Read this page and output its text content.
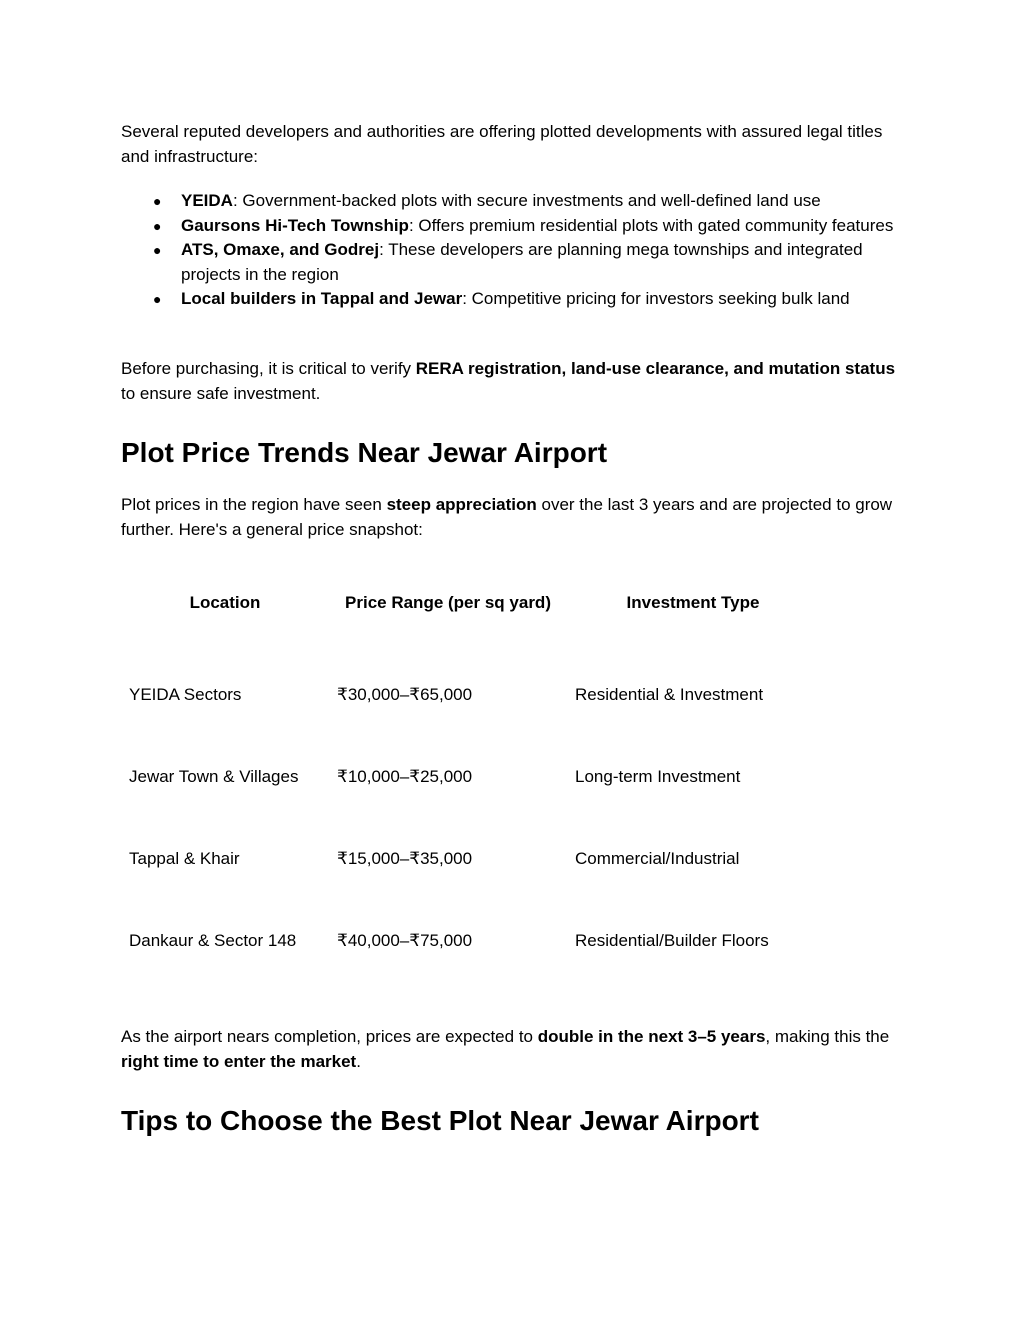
Several reputed developers and authorities are offering plotted developments with assured legal titles and infrastructure:

● YEIDA: Government-backed plots with secure investments and well-defined land use
● Gaursons Hi-Tech Township: Offers premium residential plots with gated community features
● ATS, Omaxe, and Godrej: These developers are planning mega townships and integrated projects in the region
● Local builders in Tappal and Jewar: Competitive pricing for investors seeking bulk land

Before purchasing, it is critical to verify RERA registration, land-use clearance, and mutation status to ensure safe investment.

Plot Price Trends Near Jewar Airport

Plot prices in the region have seen steep appreciation over the last 3 years and are projected to grow further. Here's a general price snapshot:

Location	Price Range (per sq yard)	Investment Type
YEIDA Sectors	₹30,000–₹65,000	Residential & Investment
Jewar Town & Villages	₹10,000–₹25,000	Long-term Investment
Tappal & Khair	₹15,000–₹35,000	Commercial/Industrial
Dankaur & Sector 148	₹40,000–₹75,000	Residential/Builder Floors

As the airport nears completion, prices are expected to double in the next 3–5 years, making this the right time to enter the market.

Tips to Choose the Best Plot Near Jewar Airport
